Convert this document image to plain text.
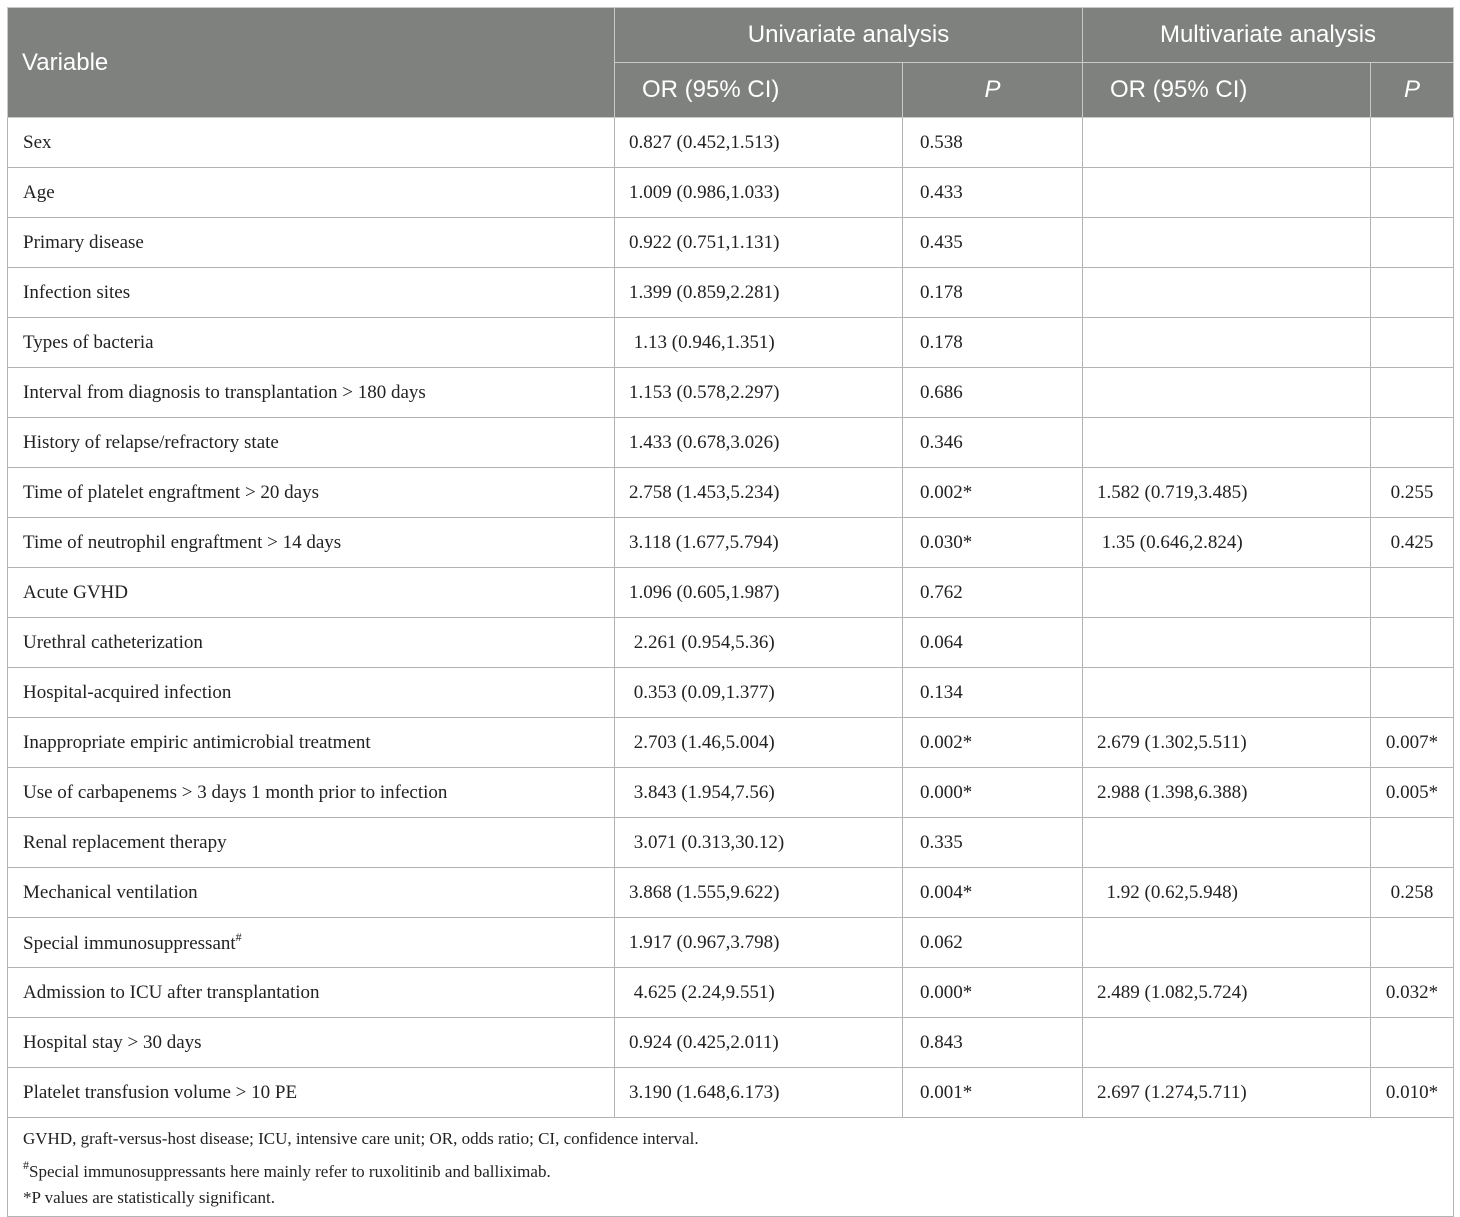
Variable	Univariate analysis		Multivariate analysis	
	OR (95% CI)	P	OR (95% CI)	P
Sex	0.827 (0.452,1.513)	0.538		
Age	1.009 (0.986,1.033)	0.433		
Primary disease	0.922 (0.751,1.131)	0.435		
Infection sites	1.399 (0.859,2.281)	0.178		
Types of bacteria	1.13 (0.946,1.351)	0.178		
Interval from diagnosis to transplantation > 180 days	1.153 (0.578,2.297)	0.686		
History of relapse/refractory state	1.433 (0.678,3.026)	0.346		
Time of platelet engraftment > 20 days	2.758 (1.453,5.234)	0.002*	1.582 (0.719,3.485)	0.255
Time of neutrophil engraftment > 14 days	3.118 (1.677,5.794)	0.030*	1.35 (0.646,2.824)	0.425
Acute GVHD	1.096 (0.605,1.987)	0.762		
Urethral catheterization	2.261 (0.954,5.36)	0.064		
Hospital-acquired infection	0.353 (0.09,1.377)	0.134		
Inappropriate empiric antimicrobial treatment	2.703 (1.46,5.004)	0.002*	2.679 (1.302,5.511)	0.007*
Use of carbapenems > 3 days 1 month prior to infection	3.843 (1.954,7.56)	0.000*	2.988 (1.398,6.388)	0.005*
Renal replacement therapy	3.071 (0.313,30.12)	0.335		
Mechanical ventilation	3.868 (1.555,9.622)	0.004*	1.92 (0.62,5.948)	0.258
Special immunosuppressant#	1.917 (0.967,3.798)	0.062		
Admission to ICU after transplantation	4.625 (2.24,9.551)	0.000*	2.489 (1.082,5.724)	0.032*
Hospital stay > 30 days	0.924 (0.425,2.011)	0.843		
Platelet transfusion volume > 10 PE	3.190 (1.648,6.173)	0.001*	2.697 (1.274,5.711)	0.010*

GVHD, graft-versus-host disease; ICU, intensive care unit; OR, odds ratio; CI, confidence interval.
#Special immunosuppressants here mainly refer to ruxolitinib and balliximab.
*P values are statistically significant.				
